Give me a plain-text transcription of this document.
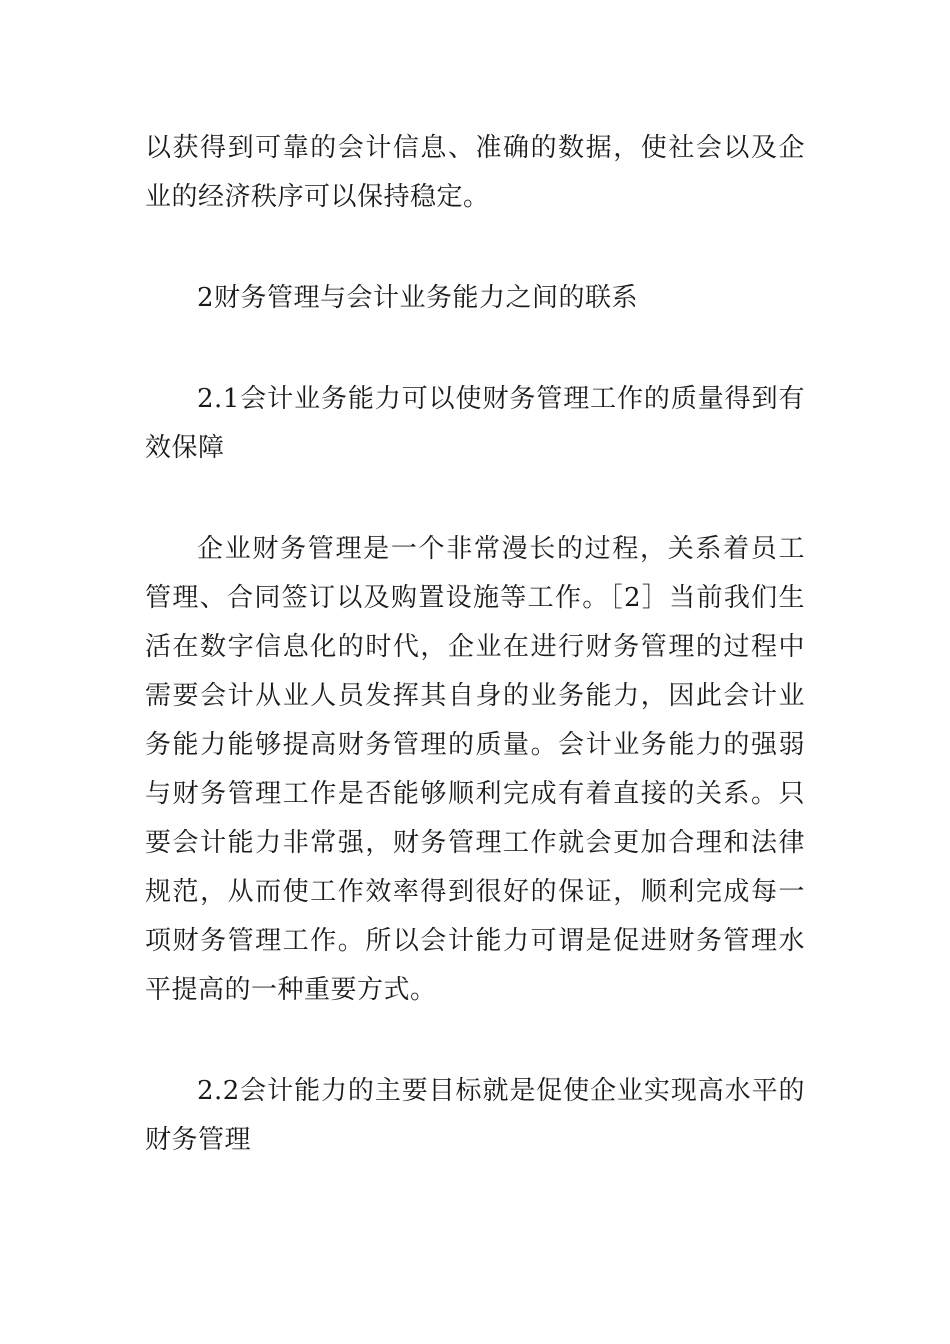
以获得到可靠的会计信息、准确的数据，使社会以及企业的经济秩序可以保持稳定。

2财务管理与会计业务能力之间的联系

2.1会计业务能力可以使财务管理工作的质量得到有效保障

企业财务管理是一个非常漫长的过程，关系着员工管理、合同签订以及购置设施等工作。［2］当前我们生活在数字信息化的时代，企业在进行财务管理的过程中需要会计从业人员发挥其自身的业务能力，因此会计业务能力能够提高财务管理的质量。会计业务能力的强弱与财务管理工作是否能够顺利完成有着直接的关系。只要会计能力非常强，财务管理工作就会更加合理和法律规范，从而使工作效率得到很好的保证，顺利完成每一项财务管理工作。所以会计能力可谓是促进财务管理水平提高的一种重要方式。

2.2会计能力的主要目标就是促使企业实现高水平的财务管理
